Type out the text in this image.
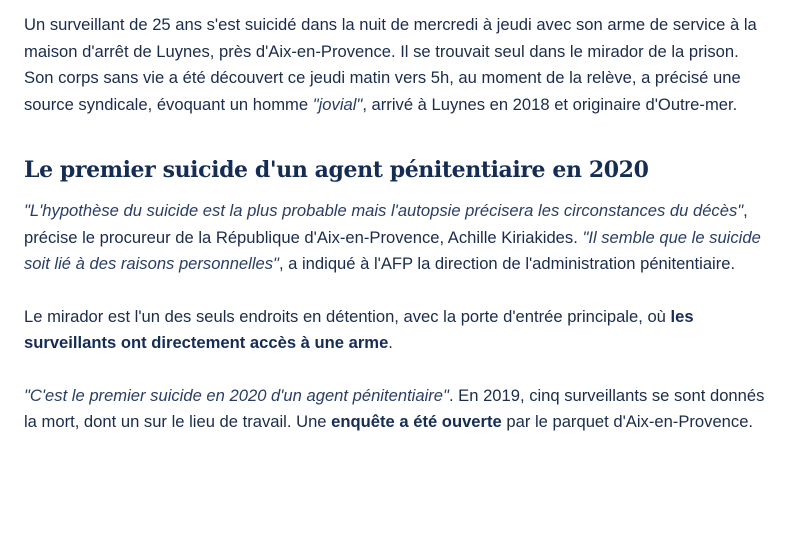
Un surveillant de 25 ans s'est suicidé dans la nuit de mercredi à jeudi avec son arme de service à la maison d'arrêt de Luynes, près d'Aix-en-Provence. Il se trouvait seul dans le mirador de la prison. Son corps sans vie a été découvert ce jeudi matin vers 5h, au moment de la relève, a précisé une source syndicale, évoquant un homme "jovial", arrivé à Luynes en 2018 et originaire d'Outre-mer.

Le premier suicide d'un agent pénitentiaire en 2020

"L'hypothèse du suicide est la plus probable mais l'autopsie précisera les circonstances du décès", précise le procureur de la République d'Aix-en-Provence, Achille Kiriakides. "Il semble que le suicide soit lié à des raisons personnelles", a indiqué à l'AFP la direction de l'administration pénitentiaire.

Le mirador est l'un des seuls endroits en détention, avec la porte d'entrée principale, où les surveillants ont directement accès à une arme.

"C'est le premier suicide en 2020 d'un agent pénitentiaire". En 2019, cinq surveillants se sont donnés la mort, dont un sur le lieu de travail. Une enquête a été ouverte par le parquet d'Aix-en-Provence.
